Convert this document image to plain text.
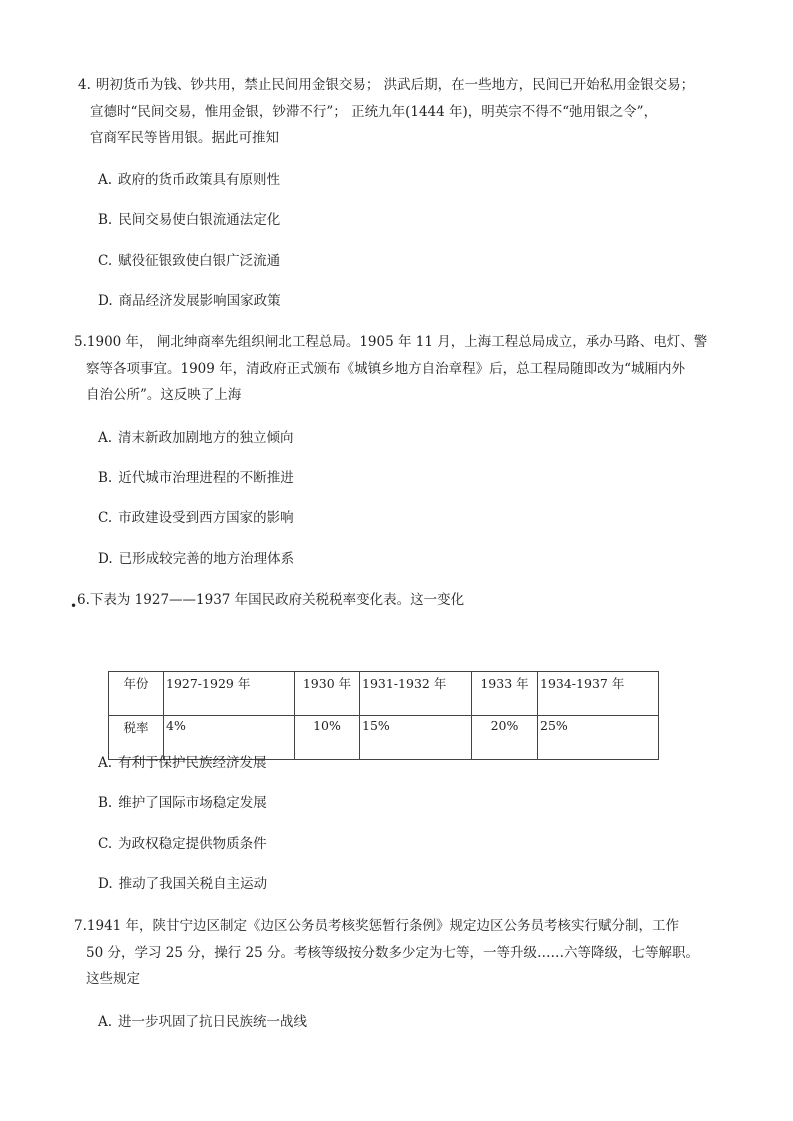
4. 明初货币为钱、钞共用，禁止民间用金银交易； 洪武后期，在一些地方，民间已开始私用金银交易；
宣德时“民间交易，惟用金银，钞滞不行”； 正统九年(1444 年)，明英宗不得不“弛用银之令”，
官商军民等皆用银。据此可推知
A. 政府的货币政策具有原则性
B. 民间交易使白银流通法定化
C. 赋役征银致使白银广泛流通
D. 商品经济发展影响国家政策
5.1900 年， 闸北绅商率先组织闸北工程总局。1905 年 11 月，上海工程总局成立，承办马路、电灯、警
察等各项事宜。1909 年，清政府正式颁布《城镇乡地方自治章程》后，总工程局随即改为“城厢内外
自治公所”。这反映了上海
A. 清末新政加剧地方的独立倾向
B. 近代城市治理进程的不断推进
C. 市政建设受到西方国家的影响
D. 已形成较完善的地方治理体系
• 6.下表为 1927——1937 年国民政府关税税率变化表。这一变化
年份	1927-1929 年	1930 年	1931-1932 年	1933 年	1934-1937 年
税率	4%	10%	15%	20%	25%
A. 有利于保护民族经济发展
B. 维护了国际市场稳定发展
C. 为政权稳定提供物质条件
D. 推动了我国关税自主运动
7.1941 年，陕甘宁边区制定《边区公务员考核奖惩暂行条例》规定边区公务员考核实行赋分制，工作
50 分，学习 25 分，操行 25 分。考核等级按分数多少定为七等，一等升级……六等降级，七等解职。
这些规定
A. 进一步巩固了抗日民族统一战线
